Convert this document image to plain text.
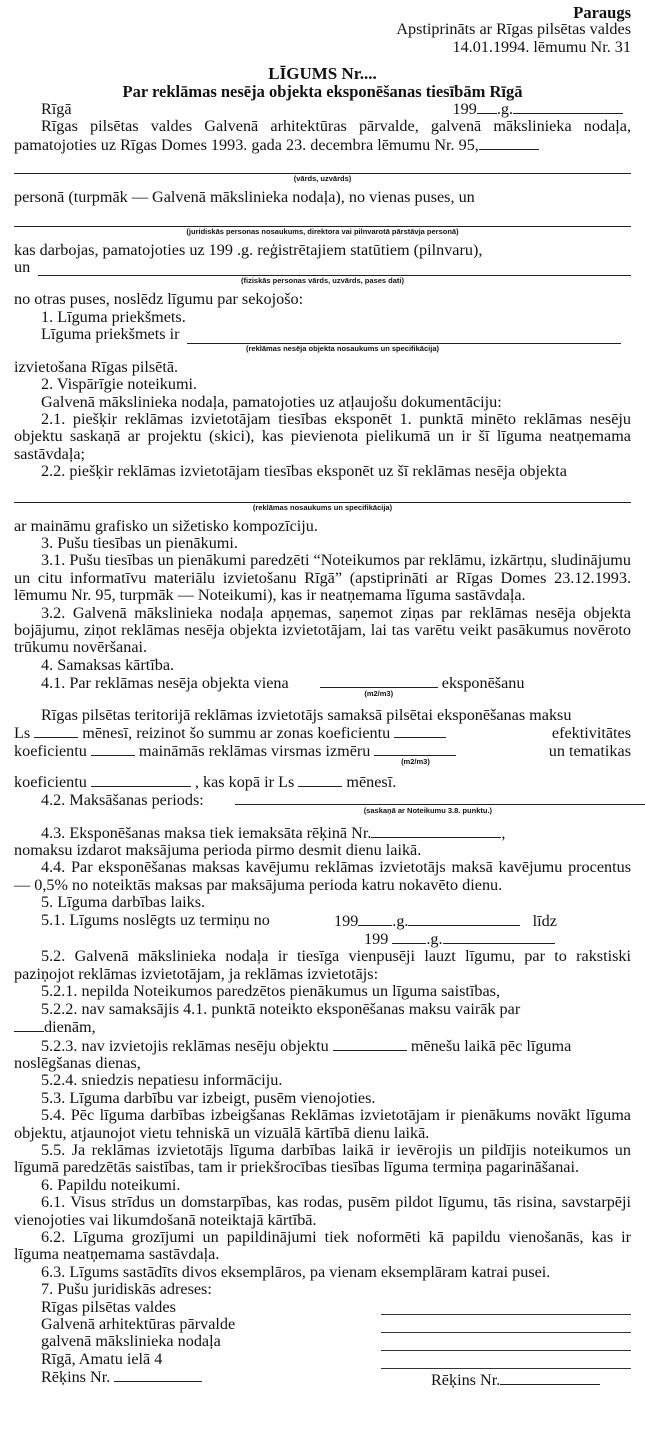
Paraugs
Apstiprināts ar Rīgas pilsētas valdes
14.01.1994. lēmumu Nr. 31
LĪGUMS Nr....
Par reklāmas nesēja objekta eksponēšanas tiesībām Rīgā
Rīgā	199 .g.
Rīgas pilsētas valdes Galvenā arhitektūras pārvalde, galvenā mākslinieka nodaļa, pamatojoties uz Rīgas Domes 1993. gada 23. decembra lēmumu Nr. 95,
(vārds, uzvārds)
personā (turpmāk — Galvenā mākslinieka nodaļa), no vienas puses, un
(juridiskās personas nosaukums, direktora vai pilnvarotā pārstāvja personā)
kas darbojas, pamatojoties uz 199 .g. reģistrētajiem statūtiem (pilnvaru),
un
(fiziskās personas vārds, uzvārds, pases dati)
no otras puses, noslēdz līgumu par sekojošo:
1. Līguma priekšmets.
Līguma priekšmets ir
(reklāmas nesēja objekta nosaukums un specifikācija)
izvietošana Rīgas pilsētā.
2. Vispārīgie noteikumi.
Galvenā mākslinieka nodaļa, pamatojoties uz atļaujošu dokumentāciju:
2.1. piešķir reklāmas izvietotājam tiesības eksponēt 1. punktā minēto reklāmas nesēju objektu saskaņā ar projektu (skici), kas pievienota pielikumā un ir šī līguma neatņemama sastāvdaļa;
2.2. piešķir reklāmas izvietotājam tiesības eksponēt uz šī reklāmas nesēja objekta
(reklāmas nosaukums un specifikācija)
ar maināmu grafisko un sižetisko kompozīciju.
3. Pušu tiesības un pienākumi.
3.1. Pušu tiesības un pienākumi paredzēti “Noteikumos par reklāmu, izkārtņu, sludinājumu un citu informatīvu materiālu izvietošanu Rīgā” (apstiprināti ar Rīgas Domes 23.12.1993. lēmumu Nr. 95, turpmāk — Noteikumi), kas ir neatņemama līguma sastāvdaļa.
3.2. Galvenā mākslinieka nodaļa apņemas, saņemot ziņas par reklāmas nesēja objekta bojājumu, ziņot reklāmas nesēja objekta izvietotājam, lai tas varētu veikt pasākumus novēroto trūkumu novēršanai.
4. Samaksas kārtība.
4.1. Par reklāmas nesēja objekta viena
(m2/m3)
eksponēšanu
Rīgas pilsētas teritorijā reklāmas izvietotājs samaksā pilsētai eksponēšanas maksu
Ls	mēnesī, reizinot šo summu ar zonas koeficientu	efektivitātes
koeficientu	maināmās reklāmas virsmas izmēru
(m2/m3)
un tematikas
koeficientu	, kas kopā ir Ls	mēnesī.
4.2. Maksāšanas periods:
(saskaņā ar Noteikumu 3.8. punktu.)
4.3. Eksponēšanas maksa tiek iemaksāta rēķinā Nr.	,
nomaksu izdarot maksājuma perioda pirmo desmit dienu laikā.
4.4. Par eksponēšanas maksas kavējumu reklāmas izvietotājs maksā kavējumu procentus — 0,5% no noteiktās maksas par maksājuma perioda katru nokavēto dienu.
5. Līguma darbības laiks.
5.1. Līgums noslēgts uz termiņu no	199 .g.	līdz
199 .g.
5.2. Galvenā mākslinieka nodaļa ir tiesīga vienpusēji lauzt līgumu, par to rakstiski paziņojot reklāmas izvietotājam, ja reklāmas izvietotājs:
5.2.1. nepilda Noteikumos paredzētos pienākumus un līguma saistības,
5.2.2. nav samaksājis 4.1. punktā noteikto eksponēšanas maksu vairāk par
dienām,
5.2.3. nav izvietojis reklāmas nesēju objektu	mēnešu laikā pēc līguma noslēgšanas dienas,
5.2.4. sniedzis nepatiesu informāciju.
5.3. Līguma darbību var izbeigt, pusēm vienojoties.
5.4. Pēc līguma darbības izbeigšanas Reklāmas izvietotājam ir pienākums novākt līguma objektu, atjaunojot vietu tehniskā un vizuālā kārtībā dienu laikā.
5.5. Ja reklāmas izvietotājs līguma darbības laikā ir ievērojis un pildījis noteikumos un līgumā paredzētās saistības, tam ir priekšrocības tiesības līguma termiņa pagarināšanai.
6. Papildu noteikumi.
6.1. Visus strīdus un domstarpības, kas rodas, pusēm pildot līgumu, tās risina, savstarpēji vienojoties vai likumdošanā noteiktajā kārtībā.
6.2. Līguma grozījumi un papildinājumi tiek noformēti kā papildu vienošanās, kas ir līguma neatņemama sastāvdaļa.
6.3. Līgums sastādīts divos eksemplāros, pa vienam eksemplāram katrai pusei.
7. Pušu juridiskās adreses:
Rīgas pilsētas valdes
Galvenā arhitektūras pārvalde
galvenā mākslinieka nodaļa
Rīgā, Amatu ielā 4
Rēķins Nr.	Rēķins Nr.
